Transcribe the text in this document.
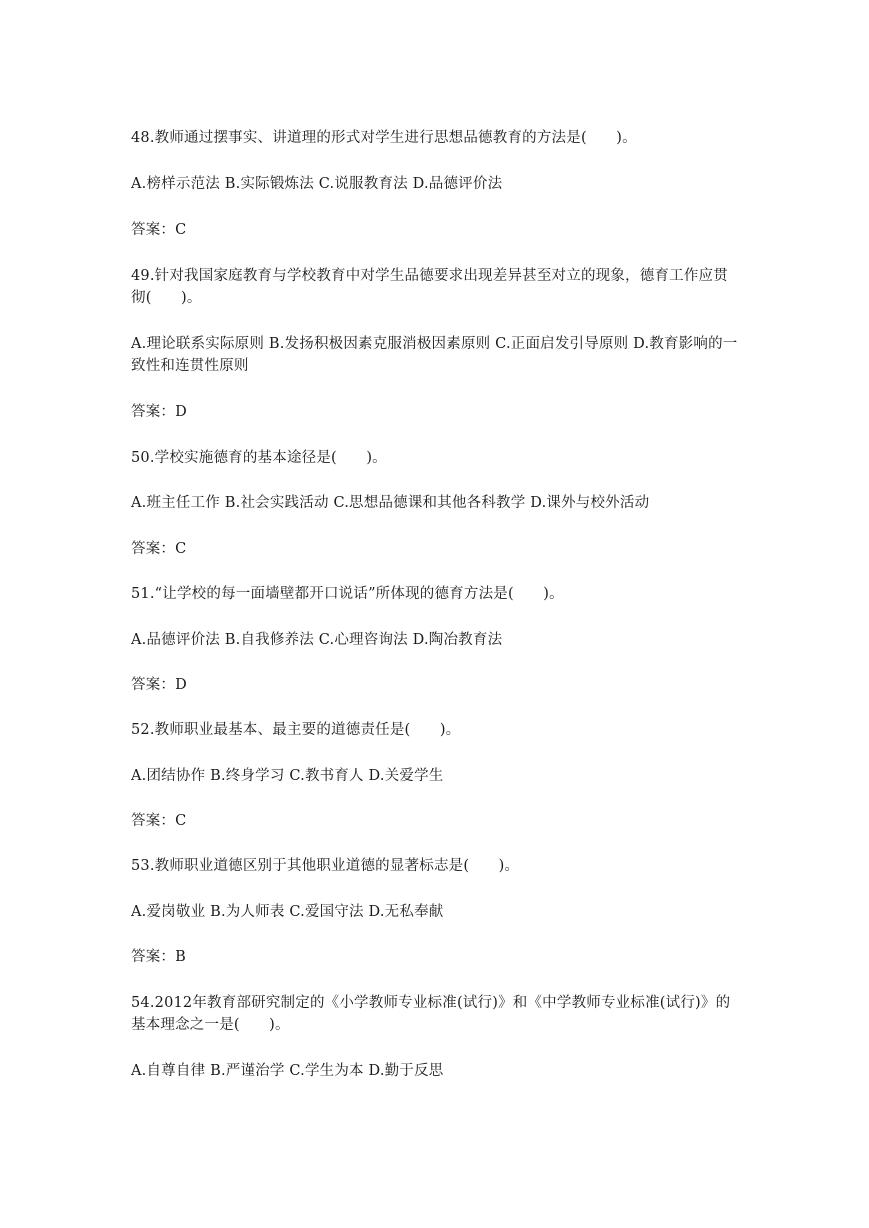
48.教师通过摆事实、讲道理的形式对学生进行思想品德教育的方法是(　　)。
A.榜样示范法 B.实际锻炼法 C.说服教育法 D.品德评价法
答案：C
49.针对我国家庭教育与学校教育中对学生品德要求出现差异甚至对立的现象，德育工作应贯彻(　　)。
A.理论联系实际原则 B.发扬积极因素克服消极因素原则 C.正面启发引导原则 D.教育影响的一致性和连贯性原则
答案：D
50.学校实施德育的基本途径是(　　)。
A.班主任工作 B.社会实践活动 C.思想品德课和其他各科教学 D.课外与校外活动
答案：C
51.“让学校的每一面墙壁都开口说话”所体现的德育方法是(　　)。
A.品德评价法 B.自我修养法 C.心理咨询法 D.陶冶教育法
答案：D
52.教师职业最基本、最主要的道德责任是(　　)。
A.团结协作 B.终身学习 C.教书育人 D.关爱学生
答案：C
53.教师职业道德区别于其他职业道德的显著标志是(　　)。
A.爱岗敬业 B.为人师表 C.爱国守法 D.无私奉献
答案：B
54.2012年教育部研究制定的《小学教师专业标准(试行)》和《中学教师专业标准(试行)》的基本理念之一是(　　)。
A.自尊自律 B.严谨治学 C.学生为本 D.勤于反思
